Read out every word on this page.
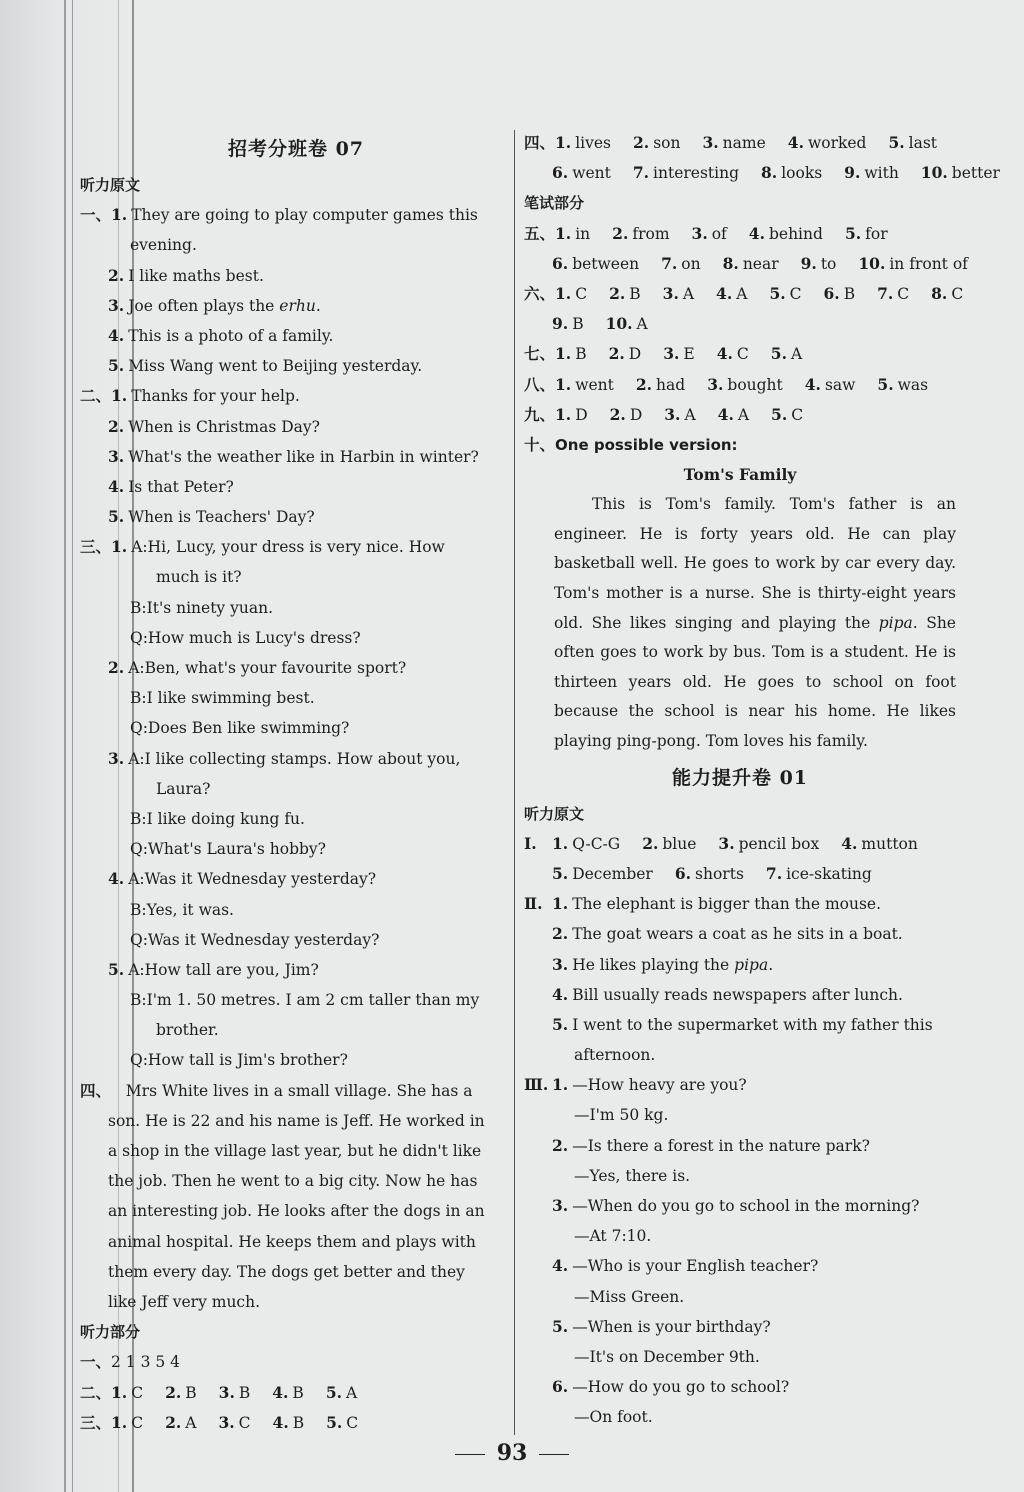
招考分班卷 07
听力原文
一、1. They are going to play computer games this
evening.
2. I like maths best.
3. Joe often plays the erhu.
4. This is a photo of a family.
5. Miss Wang went to Beijing yesterday.
二、1. Thanks for your help.
2. When is Christmas Day?
3. What's the weather like in Harbin in winter?
4. Is that Peter?
5. When is Teachers' Day?
三、1. A:Hi, Lucy, your dress is very nice. How
much is it?
B:It's ninety yuan.
Q:How much is Lucy's dress?
2. A:Ben, what's your favourite sport?
B:I like swimming best.
Q:Does Ben like swimming?
3. A:I like collecting stamps. How about you,
Laura?
B:I like doing kung fu.
Q:What's Laura's hobby?
4. A:Was it Wednesday yesterday?
B:Yes, it was.
Q:Was it Wednesday yesterday?
5. A:How tall are you, Jim?
B:I'm 1. 50 metres. I am 2 cm taller than my
brother.
Q:How tall is Jim's brother?
四、   Mrs White lives in a small village. She has a
son. He is 22 and his name is Jeff. He worked in
a shop in the village last year, but he didn't like
the job. Then he went to a big city. Now he has
an interesting job. He looks after the dogs in an
animal hospital. He keeps them and plays with
them every day. The dogs get better and they
like Jeff very much.
听力部分
一、2 1 3 5 4
二、1. C 2. B 3. B 4. B 5. A
三、1. C 2. A 3. C 4. B 5. C
四、1. lives 2. son 3. name 4. worked 5. last
6. went 7. interesting 8. looks 9. with 10. better
笔试部分
五、1. in 2. from 3. of 4. behind 5. for
6. between 7. on 8. near 9. to 10. in front of
六、1. C 2. B 3. A 4. A 5. C 6. B 7. C 8. C
9. B 10. A
七、1. B 2. D 3. E 4. C 5. A
八、1. went 2. had 3. bought 4. saw 5. was
九、1. D 2. D 3. A 4. A 5. C
十、One possible version:
Tom's Family

This is Tom's family. Tom's father is an engineer. He is forty years old. He can play basketball well. He goes to work by car every day. Tom's mother is a nurse. She is thirty-eight years old. She likes singing and playing the pipa. She often goes to work by bus. Tom is a student. He is thirteen years old. He goes to school on foot because the school is near his home. He likes playing ping-pong. Tom loves his family.

能力提升卷 01
听力原文
Ⅰ. 1. Q-C-G 2. blue 3. pencil box 4. mutton
5. December 6. shorts 7. ice-skating
Ⅱ. 1. The elephant is bigger than the mouse.
2. The goat wears a coat as he sits in a boat.
3. He likes playing the pipa.
4. Bill usually reads newspapers after lunch.
5. I went to the supermarket with my father this
afternoon.
Ⅲ. 1. —How heavy are you?
—I'm 50 kg.
2. —Is there a forest in the nature park?
—Yes, there is.
3. —When do you go to school in the morning?
—At 7:10.
4. —Who is your English teacher?
—Miss Green.
5. —When is your birthday?
—It's on December 9th.
6. —How do you go to school?
—On foot.
93
